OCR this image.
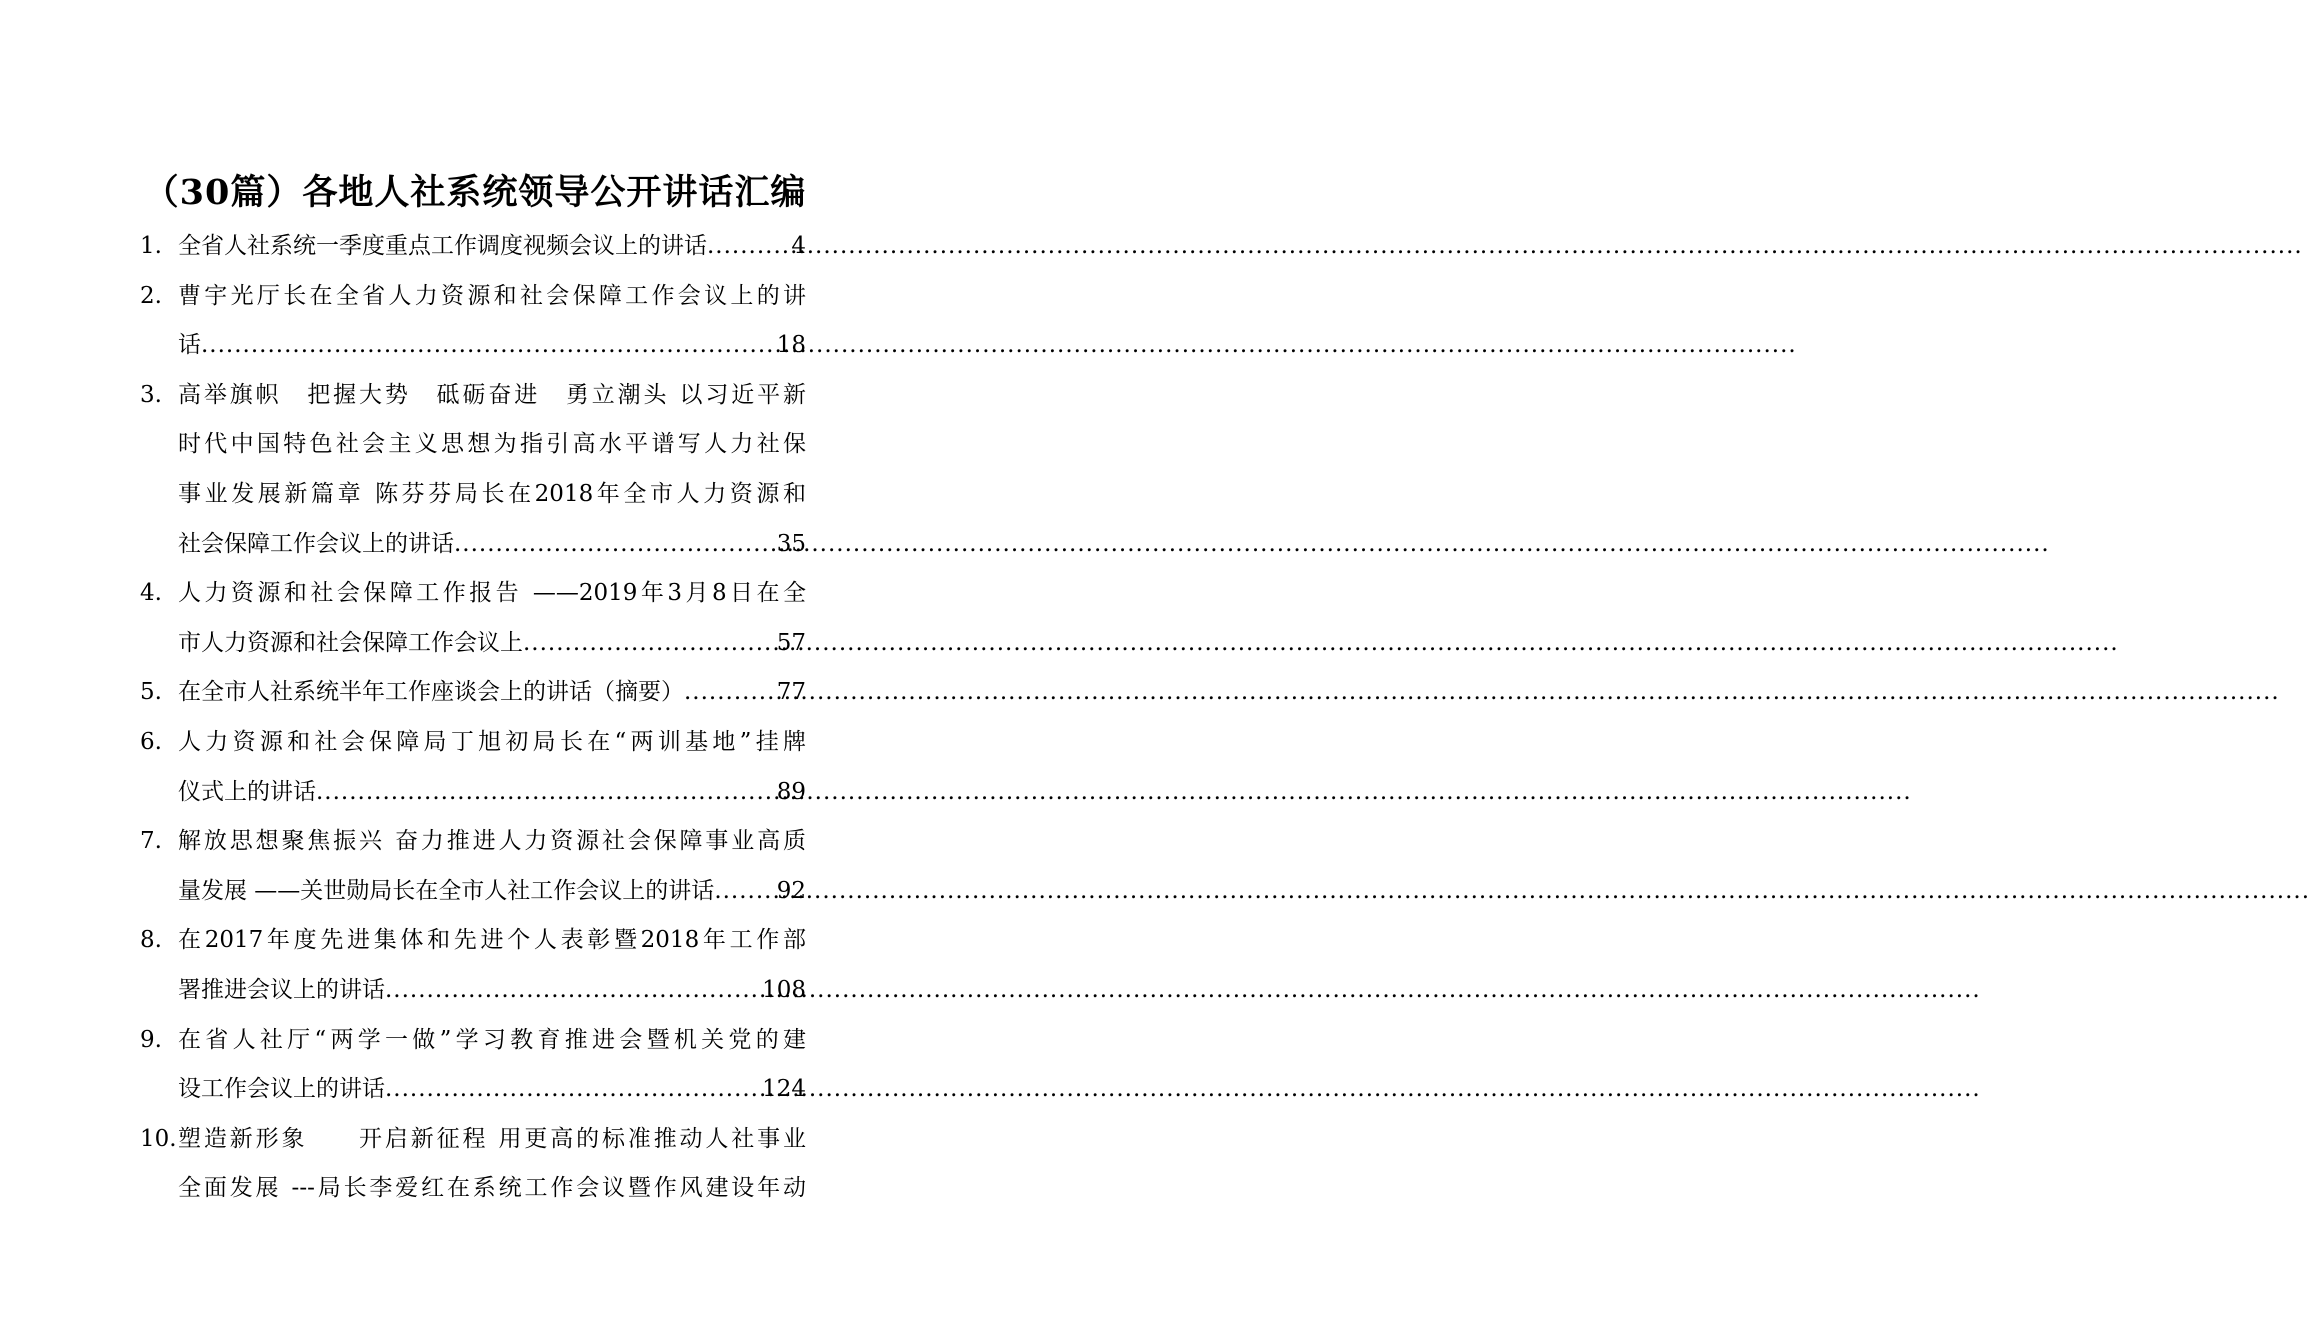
（30篇）各地人社系统领导公开讲话汇编
1. 全省人社系统一季度重点工作调度视频会议上的讲话 .....	4
2. 曹宇光厅长在全省人力资源和社会保障工作会议上的讲
话 .....	18
3. 高举旗帜　把握大势　砥砺奋进　勇立潮头 以习近平新
时代中国特色社会主义思想为指引高水平谱写人力社保
事业发展新篇章 陈芬芬局长在2018年全市人力资源和
社会保障工作会议上的讲话 .....	35
4. 人力资源和社会保障工作报告 ——2019年3月8日在全
市人力资源和社会保障工作会议上 .....	57
5. 在全市人社系统半年工作座谈会上的讲话（摘要） .....	77
6. 人力资源和社会保障局丁旭初局长在“两训基地”挂牌
仪式上的讲话 .....	89
7. 解放思想聚焦振兴 奋力推进人力资源社会保障事业高质
量发展 ——关世勋局长在全市人社工作会议上的讲话 .....	92
8. 在2017年度先进集体和先进个人表彰暨2018年工作部
署推进会议上的讲话 .....	108
9. 在省人社厅“两学一做”学习教育推进会暨机关党的建
设工作会议上的讲话 .....	124
10. 塑造新形象　　开启新征程 用更高的标准推动人社事业
全面发展 ---局长李爱红在系统工作会议暨作风建设年动
